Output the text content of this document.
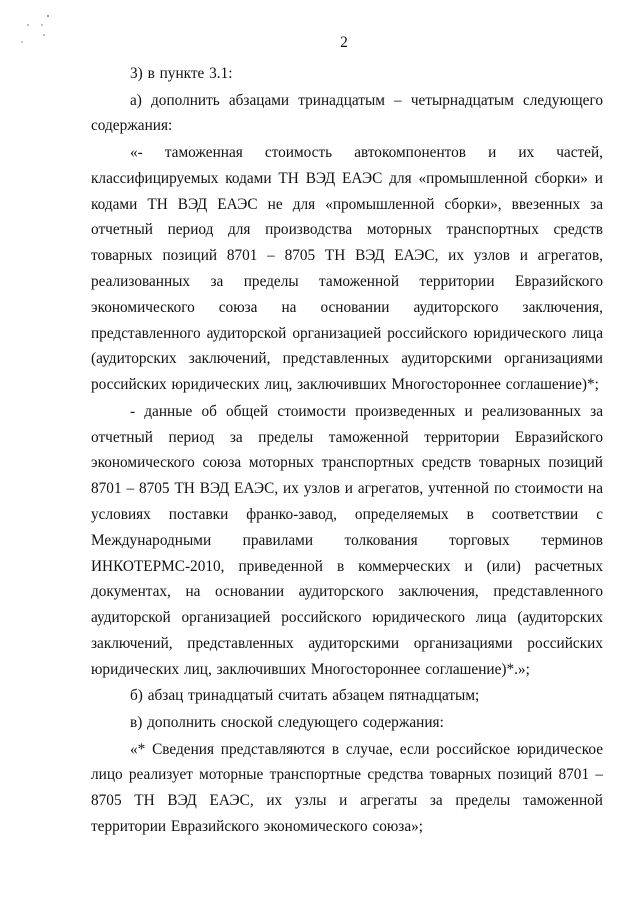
2

3) в пункте 3.1:

а) дополнить абзацами тринадцатым – четырнадцатым следующего содержания:

«- таможенная стоимость автокомпонентов и их частей, классифицируемых кодами ТН ВЭД ЕАЭС для «промышленной сборки» и кодами ТН ВЭД ЕАЭС не для «промышленной сборки», ввезенных за отчетный период для производства моторных транспортных средств товарных позиций 8701 – 8705 ТН ВЭД ЕАЭС, их узлов и агрегатов, реализованных за пределы таможенной территории Евразийского экономического союза на основании аудиторского заключения, представленного аудиторской организацией российского юридического лица (аудиторских заключений, представленных аудиторскими организациями российских юридических лиц, заключивших Многостороннее соглашение)*;

- данные об общей стоимости произведенных и реализованных за отчетный период за пределы таможенной территории Евразийского экономического союза моторных транспортных средств товарных позиций 8701 – 8705 ТН ВЭД ЕАЭС, их узлов и агрегатов, учтенной по стоимости на условиях поставки франко-завод, определяемых в соответствии с Международными правилами толкования торговых терминов ИНКОТЕРМС-2010, приведенной в коммерческих и (или) расчетных документах, на основании аудиторского заключения, представленного аудиторской организацией российского юридического лица (аудиторских заключений, представленных аудиторскими организациями российских юридических лиц, заключивших Многостороннее соглашение)*.»;

б) абзац тринадцатый считать абзацем пятнадцатым;

в) дополнить сноской следующего содержания:

«* Сведения представляются в случае, если российское юридическое лицо реализует моторные транспортные средства товарных позиций 8701 – 8705 ТН ВЭД ЕАЭС, их узлы и агрегаты за пределы таможенной территории Евразийского экономического союза»;
